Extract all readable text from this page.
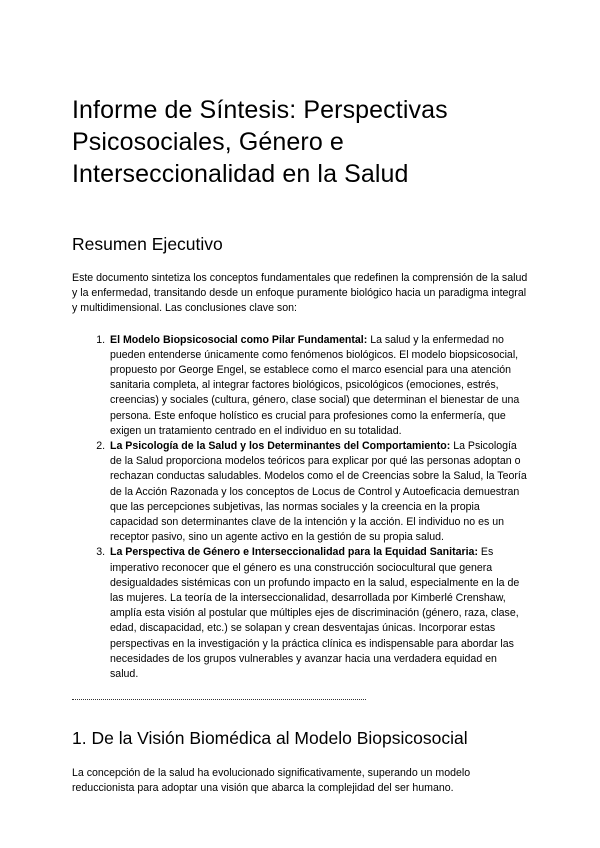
Informe de Síntesis: Perspectivas Psicosociales, Género e Interseccionalidad en la Salud
Resumen Ejecutivo

Este documento sintetiza los conceptos fundamentales que redefinen la comprensión de la salud y la enfermedad, transitando desde un enfoque puramente biológico hacia un paradigma integral y multidimensional. Las conclusiones clave son:

1. El Modelo Biopsicosocial como Pilar Fundamental: La salud y la enfermedad no pueden entenderse únicamente como fenómenos biológicos. El modelo biopsicosocial, propuesto por George Engel, se establece como el marco esencial para una atención sanitaria completa, al integrar factores biológicos, psicológicos (emociones, estrés, creencias) y sociales (cultura, género, clase social) que determinan el bienestar de una persona. Este enfoque holístico es crucial para profesiones como la enfermería, que exigen un tratamiento centrado en el individuo en su totalidad.
2. La Psicología de la Salud y los Determinantes del Comportamiento: La Psicología de la Salud proporciona modelos teóricos para explicar por qué las personas adoptan o rechazan conductas saludables. Modelos como el de Creencias sobre la Salud, la Teoría de la Acción Razonada y los conceptos de Locus de Control y Autoeficacia demuestran que las percepciones subjetivas, las normas sociales y la creencia en la propia capacidad son determinantes clave de la intención y la acción. El individuo no es un receptor pasivo, sino un agente activo en la gestión de su propia salud.
3. La Perspectiva de Género e Interseccionalidad para la Equidad Sanitaria: Es imperativo reconocer que el género es una construcción sociocultural que genera desigualdades sistémicas con un profundo impacto en la salud, especialmente en la de las mujeres. La teoría de la interseccionalidad, desarrollada por Kimberlé Crenshaw, amplía esta visión al postular que múltiples ejes de discriminación (género, raza, clase, edad, discapacidad, etc.) se solapan y crean desventajas únicas. Incorporar estas perspectivas en la investigación y la práctica clínica es indispensable para abordar las necesidades de los grupos vulnerables y avanzar hacia una verdadera equidad en salud.
1. De la Visión Biomédica al Modelo Biopsicosocial

La concepción de la salud ha evolucionado significativamente, superando un modelo reduccionista para adoptar una visión que abarca la complejidad del ser humano.
